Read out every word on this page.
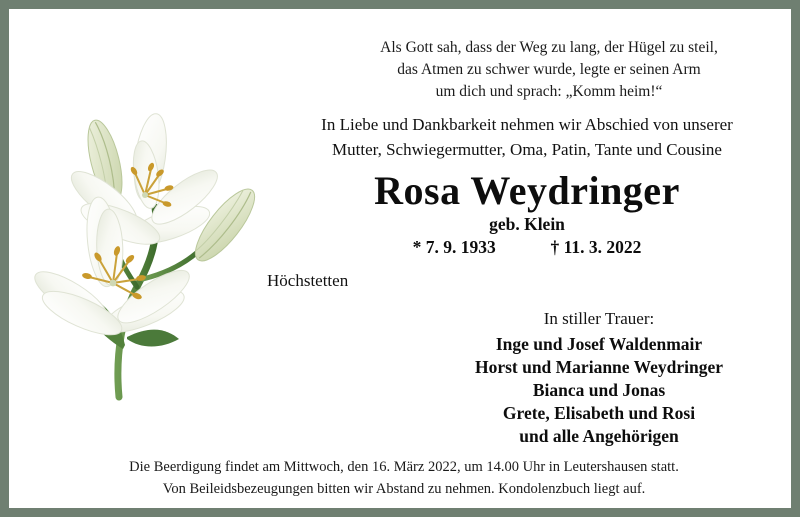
Als Gott sah, dass der Weg zu lang, der Hügel zu steil,
das Atmen zu schwer wurde, legte er seinen Arm
um dich und sprach: „Komm heim!“
In Liebe und Dankbarkeit nehmen wir Abschied von unserer
Mutter, Schwiegermutter, Oma, Patin, Tante und Cousine
Rosa Weydringer
geb. Klein
* 7. 9. 1933	† 11. 3. 2022
Höchstetten
In stiller Trauer:
Inge und Josef Waldenmair
Horst und Marianne Weydringer
Bianca und Jonas
Grete, Elisabeth und Rosi
und alle Angehörigen
Die Beerdigung findet am Mittwoch, den 16. März 2022, um 14.00 Uhr in Leutershausen statt.
Von Beileidsbezeugungen bitten wir Abstand zu nehmen. Kondolenzbuch liegt auf.
